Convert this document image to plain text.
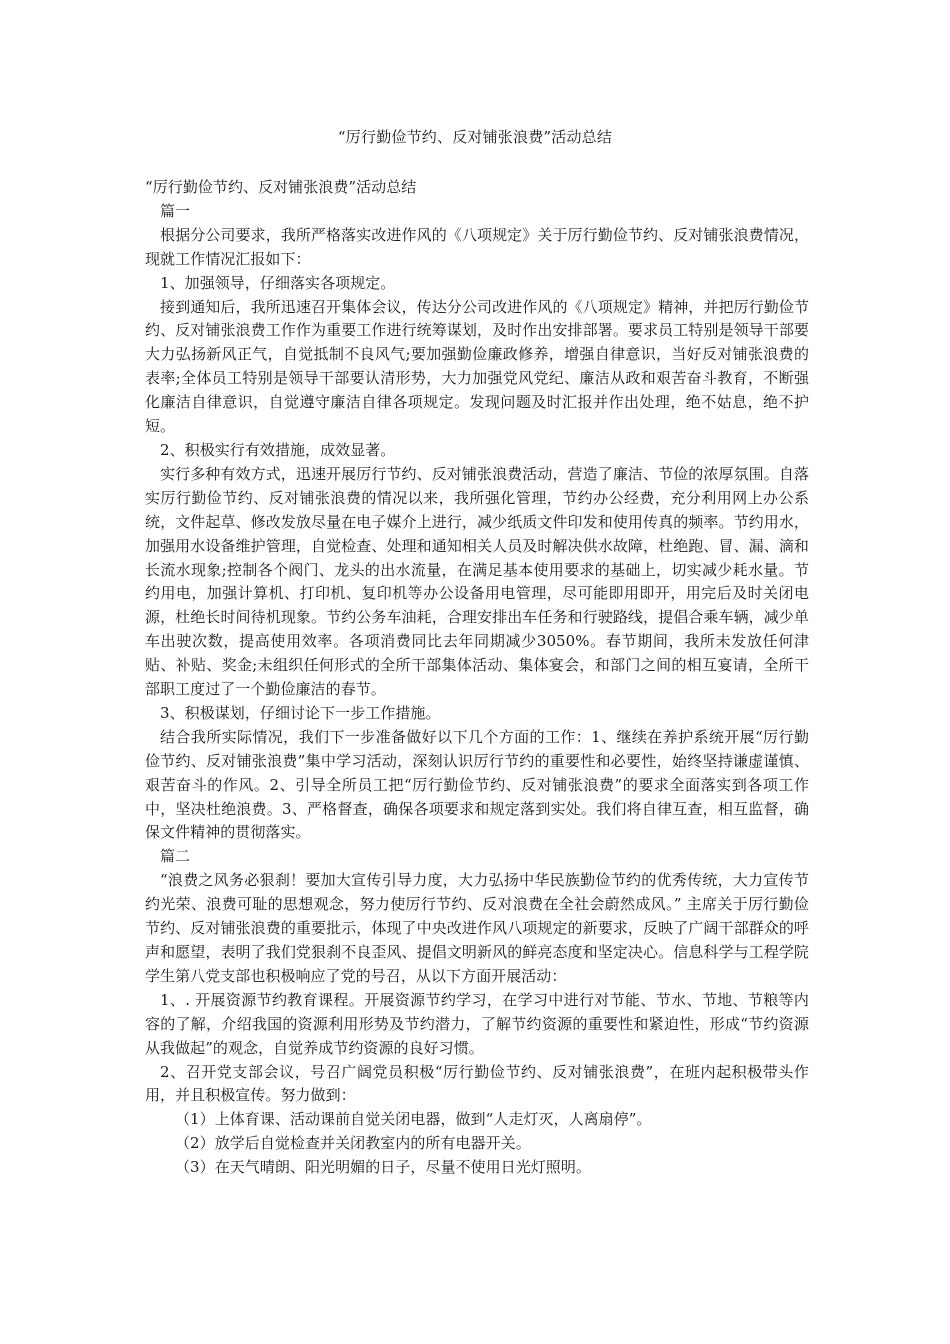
“厉行勤俭节约、反对铺张浪费”活动总结

“厉行勤俭节约、反对铺张浪费”活动总结

篇一

根据分公司要求，我所严格落实改进作风的《八项规定》关于厉行勤俭节约、反对铺张浪费情况，现就工作情况汇报如下：

1、加强领导，仔细落实各项规定。

接到通知后，我所迅速召开集体会议，传达分公司改进作风的《八项规定》精神，并把厉行勤俭节约、反对铺张浪费工作作为重要工作进行统筹谋划，及时作出安排部署。要求员工特别是领导干部要大力弘扬新风正气，自觉抵制不良风气;要加强勤俭廉政修养，增强自律意识，当好反对铺张浪费的表率;全体员工特别是领导干部要认清形势，大力加强党风党纪、廉洁从政和艰苦奋斗教育，不断强化廉洁自律意识，自觉遵守廉洁自律各项规定。发现问题及时汇报并作出处理，绝不姑息，绝不护短。

2、积极实行有效措施，成效显著。

实行多种有效方式，迅速开展厉行节约、反对铺张浪费活动，营造了廉洁、节俭的浓厚氛围。自落实厉行勤俭节约、反对铺张浪费的情况以来，我所强化管理，节约办公经费，充分利用网上办公系统，文件起草、修改发放尽量在电子媒介上进行，减少纸质文件印发和使用传真的频率。节约用水，加强用水设备维护管理，自觉检查、处理和通知相关人员及时解决供水故障，杜绝跑、冒、漏、滴和长流水现象;控制各个阀门、龙头的出水流量，在满足基本使用要求的基础上，切实减少耗水量。节约用电，加强计算机、打印机、复印机等办公设备用电管理，尽可能即用即开，用完后及时关闭电源，杜绝长时间待机现象。节约公务车油耗，合理安排出车任务和行驶路线，提倡合乘车辆，减少单车出驶次数，提高使用效率。各项消费同比去年同期减少3050%。春节期间，我所未发放任何津贴、补贴、奖金;未组织任何形式的全所干部集体活动、集体宴会，和部门之间的相互宴请，全所干部职工度过了一个勤俭廉洁的春节。

3、积极谋划，仔细讨论下一步工作措施。

结合我所实际情况，我们下一步准备做好以下几个方面的工作：1、继续在养护系统开展“厉行勤俭节约、反对铺张浪费”集中学习活动，深刻认识厉行节约的重要性和必要性，始终坚持谦虚谨慎、艰苦奋斗的作风。2、引导全所员工把“厉行勤俭节约、反对铺张浪费”的要求全面落实到各项工作中，坚决杜绝浪费。3、严格督查，确保各项要求和规定落到实处。我们将自律互查，相互监督，确保文件精神的贯彻落实。

篇二

“浪费之风务必狠刹！要加大宣传引导力度，大力弘扬中华民族勤俭节约的优秀传统，大力宣传节约光荣、浪费可耻的思想观念，努力使厉行节约、反对浪费在全社会蔚然成风。” 主席关于厉行勤俭节约、反对铺张浪费的重要批示，体现了中央改进作风八项规定的新要求，反映了广阔干部群众的呼声和愿望，表明了我们党狠刹不良歪风、提倡文明新风的鲜亮态度和坚定决心。信息科学与工程学院学生第八党支部也积极响应了党的号召，从以下方面开展活动：

1、. 开展资源节约教育课程。开展资源节约学习，在学习中进行对节能、节水、节地、节粮等内容的了解，介绍我国的资源利用形势及节约潜力，了解节约资源的重要性和紧迫性，形成“节约资源从我做起”的观念，自觉养成节约资源的良好习惯。

2、召开党支部会议，号召广阔党员积极“厉行勤俭节约、反对铺张浪费”，在班内起积极带头作用，并且积极宣传。努力做到：

（1）上体育课、活动课前自觉关闭电器，做到“人走灯灭，人离扇停”。

（2）放学后自觉检查并关闭教室内的所有电器开关。

（3）在天气晴朗、阳光明媚的日子，尽量不使用日光灯照明。
